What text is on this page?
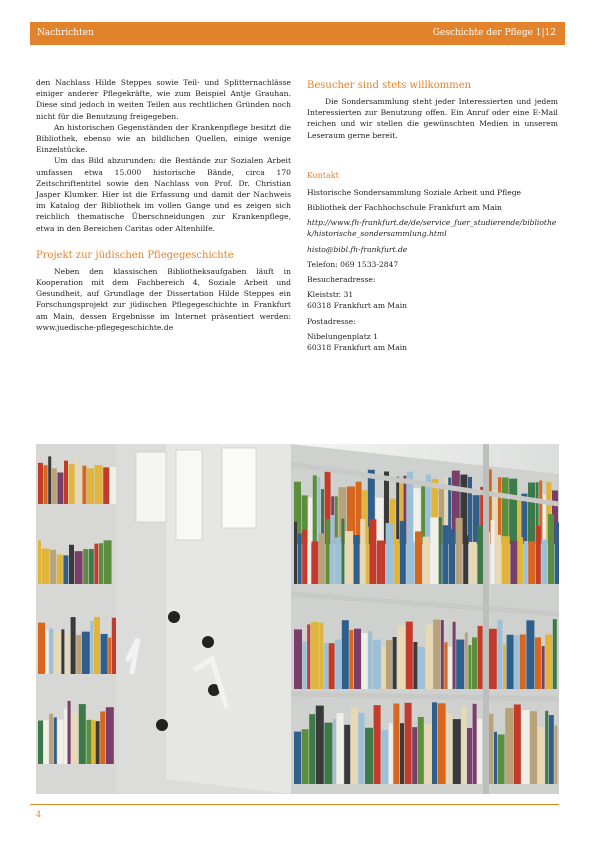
Nachrichten	Geschichte der Pflege 1|12

den Nachlass Hilde Steppes sowie Teil- und Splitternachlässe einiger anderer Pflegekräfte, wie zum Beispiel Antje Grauhan. Diese sind jedoch in weiten Teilen aus rechtlichen Gründen noch nicht für die Benutzung freigegeben.

An historischen Gegenständen der Krankenpflege besitzt die Bibliothek, ebenso wie an bildlichen Quellen, einige wenige Einzelstücke.

Um das Bild abzurunden: die Bestände zur Sozialen Arbeit umfassen etwa 15.000 historische Bände, circa 170 Zeitschriftentitel sowie den Nachlass von Prof. Dr. Christian Jasper Klumker. Hier ist die Erfassung und damit der Nachweis im Katalog der Bibliothek im vollen Gange und es zeigen sich reichlich thematische Überschneidungen zur Krankenpflege, etwa in den Bereichen Caritas oder Altenhilfe.

Projekt zur jüdischen Pflegegeschichte

Neben den klassischen Bibliotheksaufgaben läuft in Kooperation mit dem Fachbereich 4, Soziale Arbeit und Gesundheit, auf Grundlage der Dissertation Hilde Steppes ein Forschungsprojekt zur jüdischen Pflegegeschichte in Frankfurt am Main, dessen Ergebnisse im Internet präsentiert werden: www.juedische-pflegegeschichte.de

Besucher sind stets willkommen

Die Sondersammlung steht jeder Interessierten und jedem Interessierten zur Benutzung offen. Ein Anruf oder eine E-Mail reichen und wir stellen die gewünschten Medien in unserem Leseraum gerne bereit.

Kontakt

Historische Sondersammlung Soziale Arbeit und Pflege

Bibliothek der Fachhochschule Frankfurt am Main

http://www.fh-frankfurt.de/de/service_fuer_studierende/bibliothek/historische_sondersammlung.html

histo@bibl.fh-frankfurt.de

Telefon: 069 1533-2847

Besucheradresse:

Kleiststr. 31

60318 Frankfurt am Main

Postadresse:

Nibelungenplatz 1

60318 Frankfurt am Main

4
